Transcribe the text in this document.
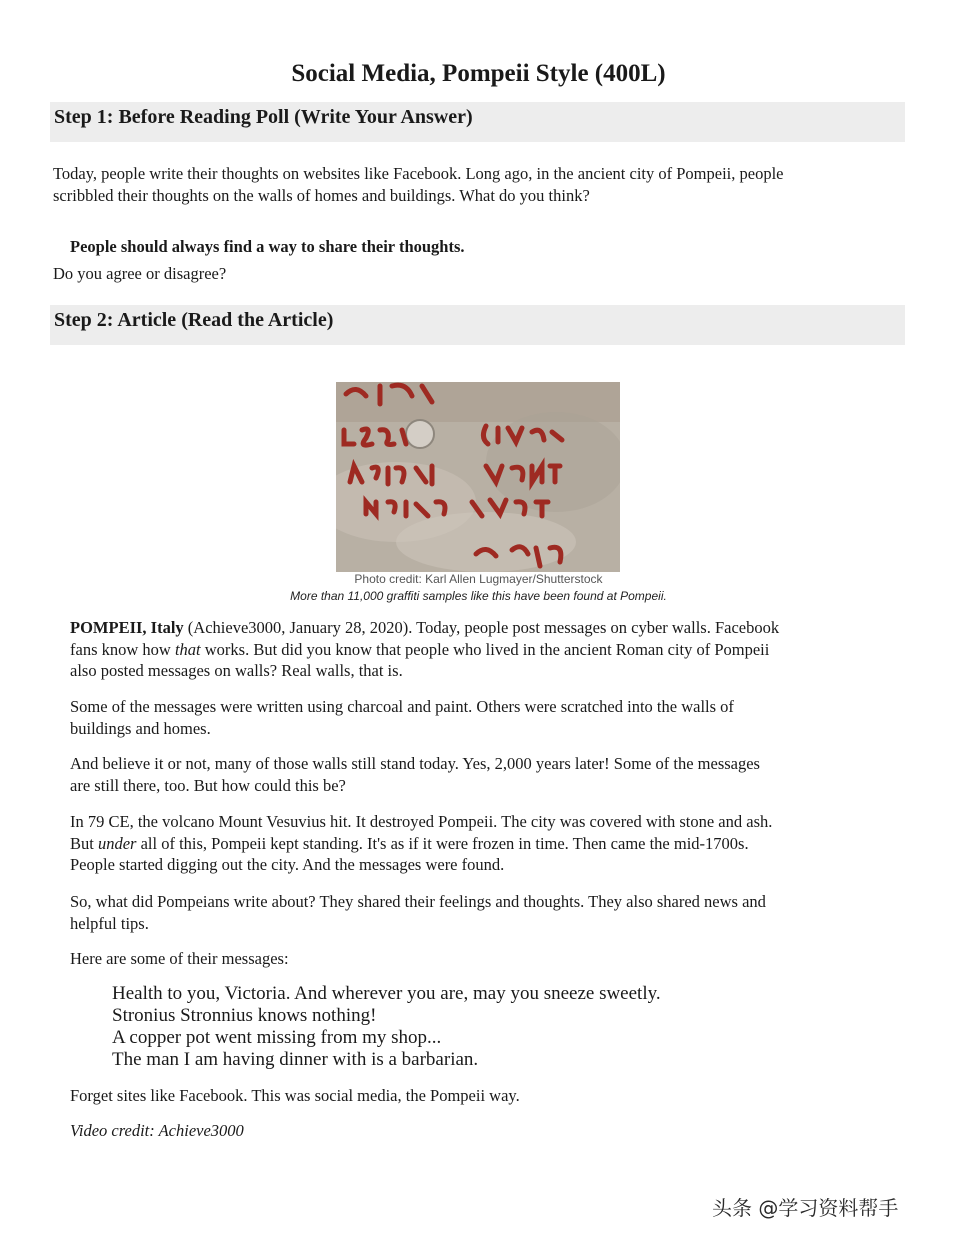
Social Media, Pompeii Style (400L)
Step 1: Before Reading Poll (Write Your Answer)
Today, people write their thoughts on websites like Facebook. Long ago, in the ancient city of Pompeii, people
scribbled their thoughts on the walls of homes and buildings. What do you think?
People should always find a way to share their thoughts.
Do you agree or disagree?
Step 2: Article (Read the Article)
Photo credit: Karl Allen Lugmayer/Shutterstock
More than 11,000 graffiti samples like this have been found at Pompeii.
POMPEII, Italy (Achieve3000, January 28, 2020). Today, people post messages on cyber walls. Facebook
fans know how that works. But did you know that people who lived in the ancient Roman city of Pompeii
also posted messages on walls? Real walls, that is.
Some of the messages were written using charcoal and paint. Others were scratched into the walls of
buildings and homes.
And believe it or not, many of those walls still stand today. Yes, 2,000 years later! Some of the messages
are still there, too. But how could this be?
In 79 CE, the volcano Mount Vesuvius hit. It destroyed Pompeii. The city was covered with stone and ash.
But under all of this, Pompeii kept standing. It's as if it were frozen in time. Then came the mid-1700s.
People started digging out the city. And the messages were found.
So, what did Pompeians write about? They shared their feelings and thoughts. They also shared news and
helpful tips.
Here are some of their messages:
Health to you, Victoria. And wherever you are, may you sneeze sweetly.
Stronius Stronnius knows nothing!
A copper pot went missing from my shop...
The man I am having dinner with is a barbarian.
Forget sites like Facebook. This was social media, the Pompeii way.
Video credit: Achieve3000
头条 @学习资料帮手
